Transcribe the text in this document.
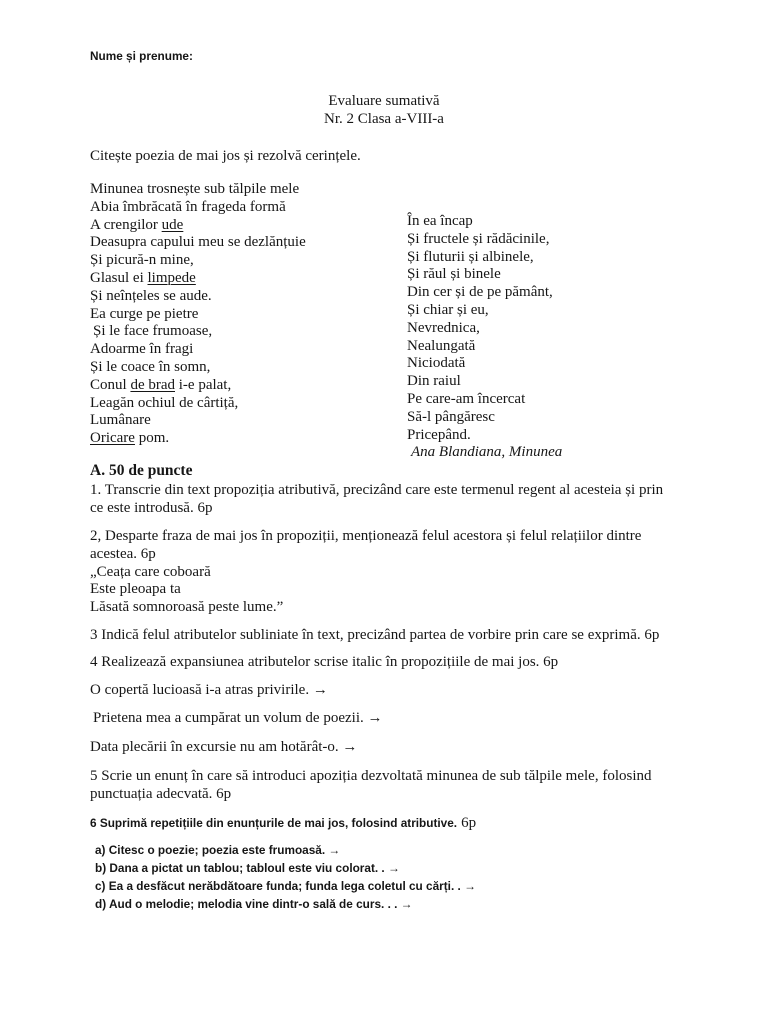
Nume și prenume:
Evaluare sumativă
Nr. 2 Clasa a-VIII-a
Citește poezia de mai jos și rezolvă cerințele.
Minunea trosnește sub tălpile mele
Abia îmbrăcată în frageda formă
A crengilor ude
Deasupra capului meu se dezlănțuie
Și picură-n mine,
Glasul ei limpede
Și neînțeles se aude.
Ea curge pe pietre
Și le face frumoase,
Adoarme în fragi
Și le coace în somn,
Conul de brad i-e palat,
Leagăn ochiul de cârtiță,
Lumânare
Oricare pom.
În ea încap
Și fructele și rădăcinile,
Și fluturii și albinele,
Și răul și binele
Din cer și de pe pământ,
Și chiar și eu,
Nevrednica,
Nealungată
Niciodată
Din raiul
Pe care-am încercat
Să-l pângăresc
Pricepând.
Ana Blandiana, Minunea
A. 50 de puncte
1. Transcrie din text propoziția atributivă, precizând care este termenul regent al acesteia și prin
ce este introdusă. 6p
2, Desparte fraza de mai jos în propoziții, menționează felul acestora și felul relațiilor dintre
acestea. 6p
„Ceața care coboară
Este pleoapa ta
Lăsată somnoroasă peste lume.”
3 Indică felul atributelor subliniate în text, precizând partea de vorbire prin care se exprimă. 6p
4 Realizează expansiunea atributelor scrise italic în propozițiile de mai jos. 6p
O copertă lucioasă i-a atras privirile. →
Prietena mea a cumpărat un volum de poezii. →
Data plecării în excursie nu am hotărât-o. →
5 Scrie un enunț în care să introduci apoziția dezvoltată minunea de sub tălpile mele, folosind
punctuația adecvată. 6p
6 Suprimă repetițiile din enunțurile de mai jos, folosind atributive. 6p
a) Citesc o poezie; poezia este frumoasă. →
b) Dana a pictat un tablou; tabloul este viu colorat. . →
c) Ea a desfăcut nerăbdătoare funda; funda lega coletul cu cărți. . →
d) Aud o melodie; melodia vine dintr-o sală de curs. . . →
